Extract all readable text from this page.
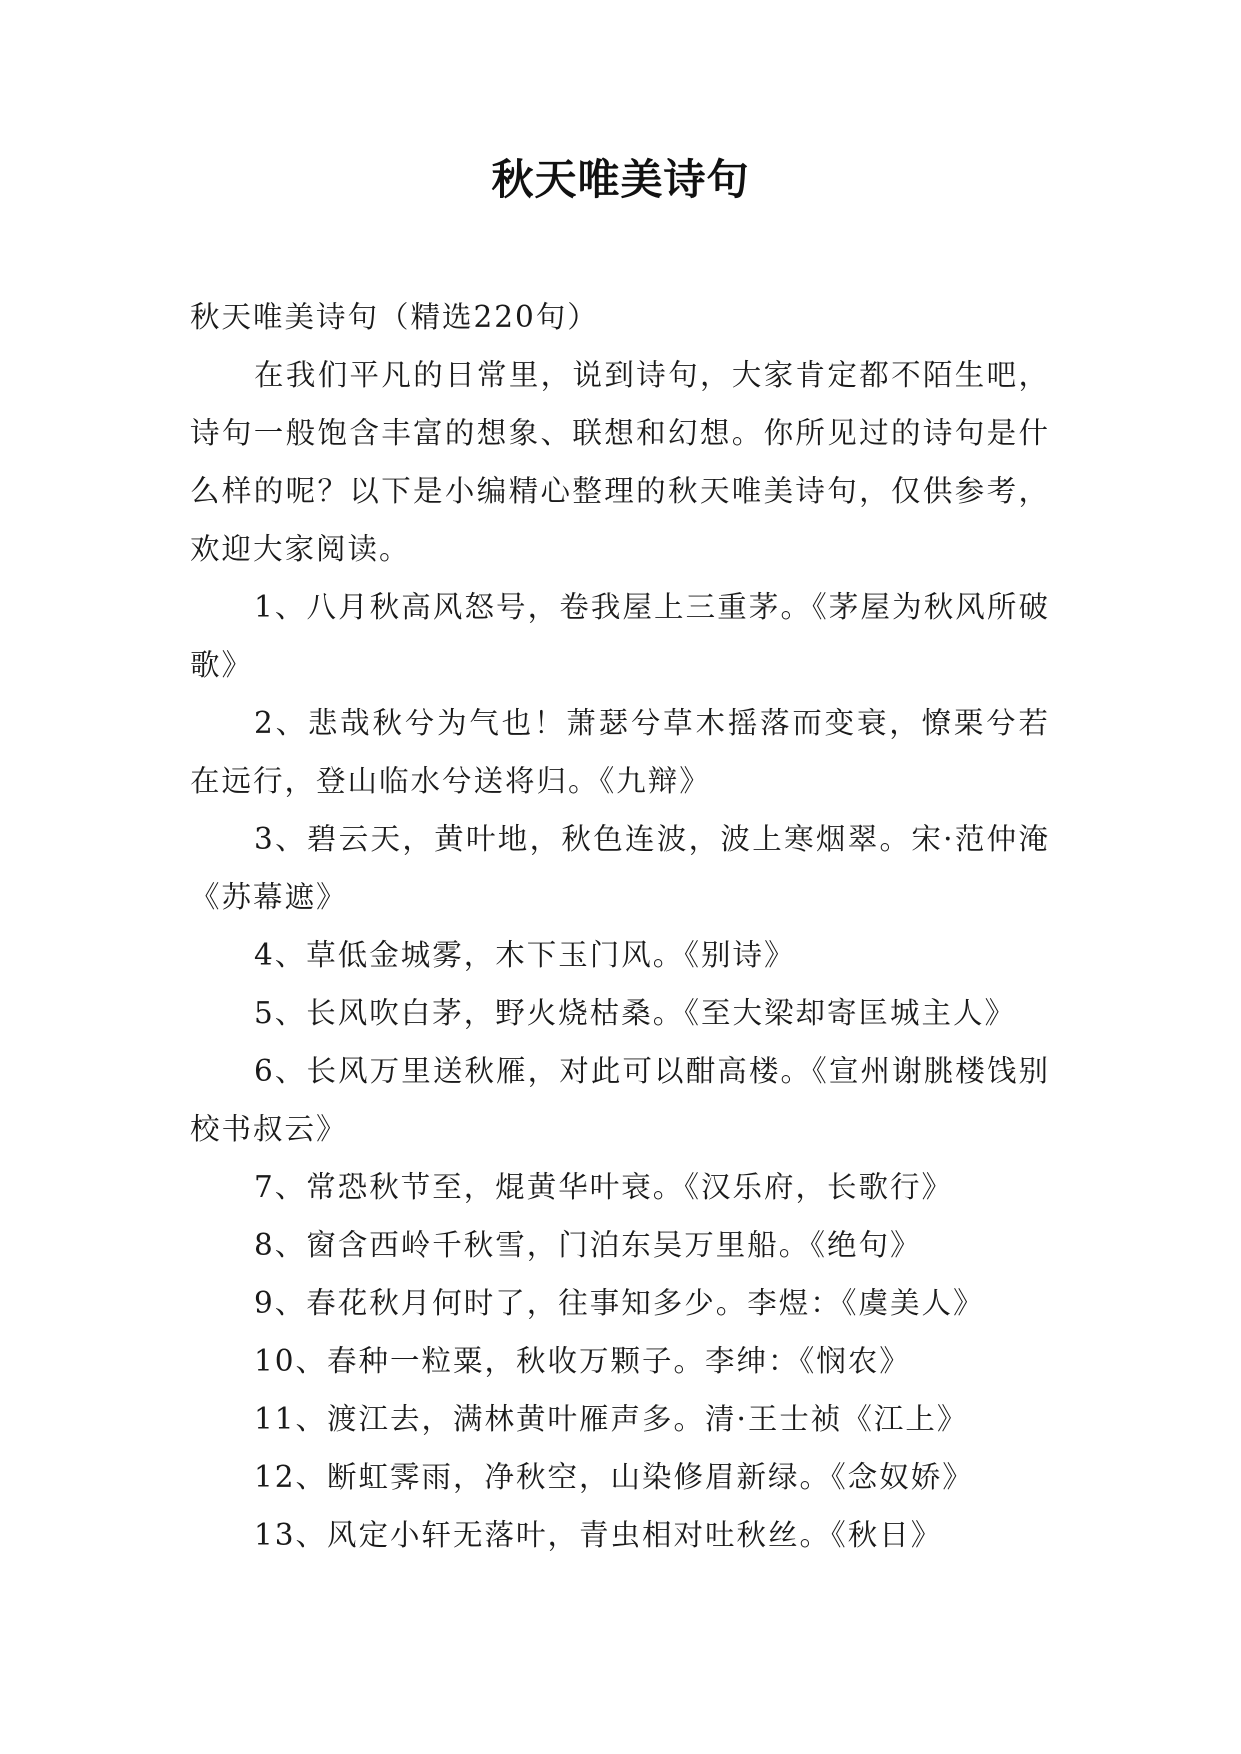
秋天唯美诗句

秋天唯美诗句（精选220句）

在我们平凡的日常里，说到诗句，大家肯定都不陌生吧，诗句一般饱含丰富的想象、联想和幻想。你所见过的诗句是什么样的呢？以下是小编精心整理的秋天唯美诗句，仅供参考，欢迎大家阅读。

1、八月秋高风怒号，卷我屋上三重茅。《茅屋为秋风所破歌》

2、悲哉秋兮为气也！萧瑟兮草木摇落而变衰，憭栗兮若在远行，登山临水兮送将归。《九辩》

3、碧云天，黄叶地，秋色连波，波上寒烟翠。宋·范仲淹《苏幕遮》

4、草低金城雾，木下玉门风。《别诗》

5、长风吹白茅，野火烧枯桑。《至大梁却寄匡城主人》

6、长风万里送秋雁，对此可以酣高楼。《宣州谢朓楼饯别校书叔云》

7、常恐秋节至，焜黄华叶衰。《汉乐府，长歌行》

8、窗含西岭千秋雪，门泊东吴万里船。《绝句》

9、春花秋月何时了，往事知多少。李煜：《虞美人》

10、春种一粒粟，秋收万颗子。李绅：《悯农》

11、渡江去，满林黄叶雁声多。清·王士祯《江上》

12、断虹霁雨，净秋空，山染修眉新绿。《念奴娇》

13、风定小轩无落叶，青虫相对吐秋丝。《秋日》
